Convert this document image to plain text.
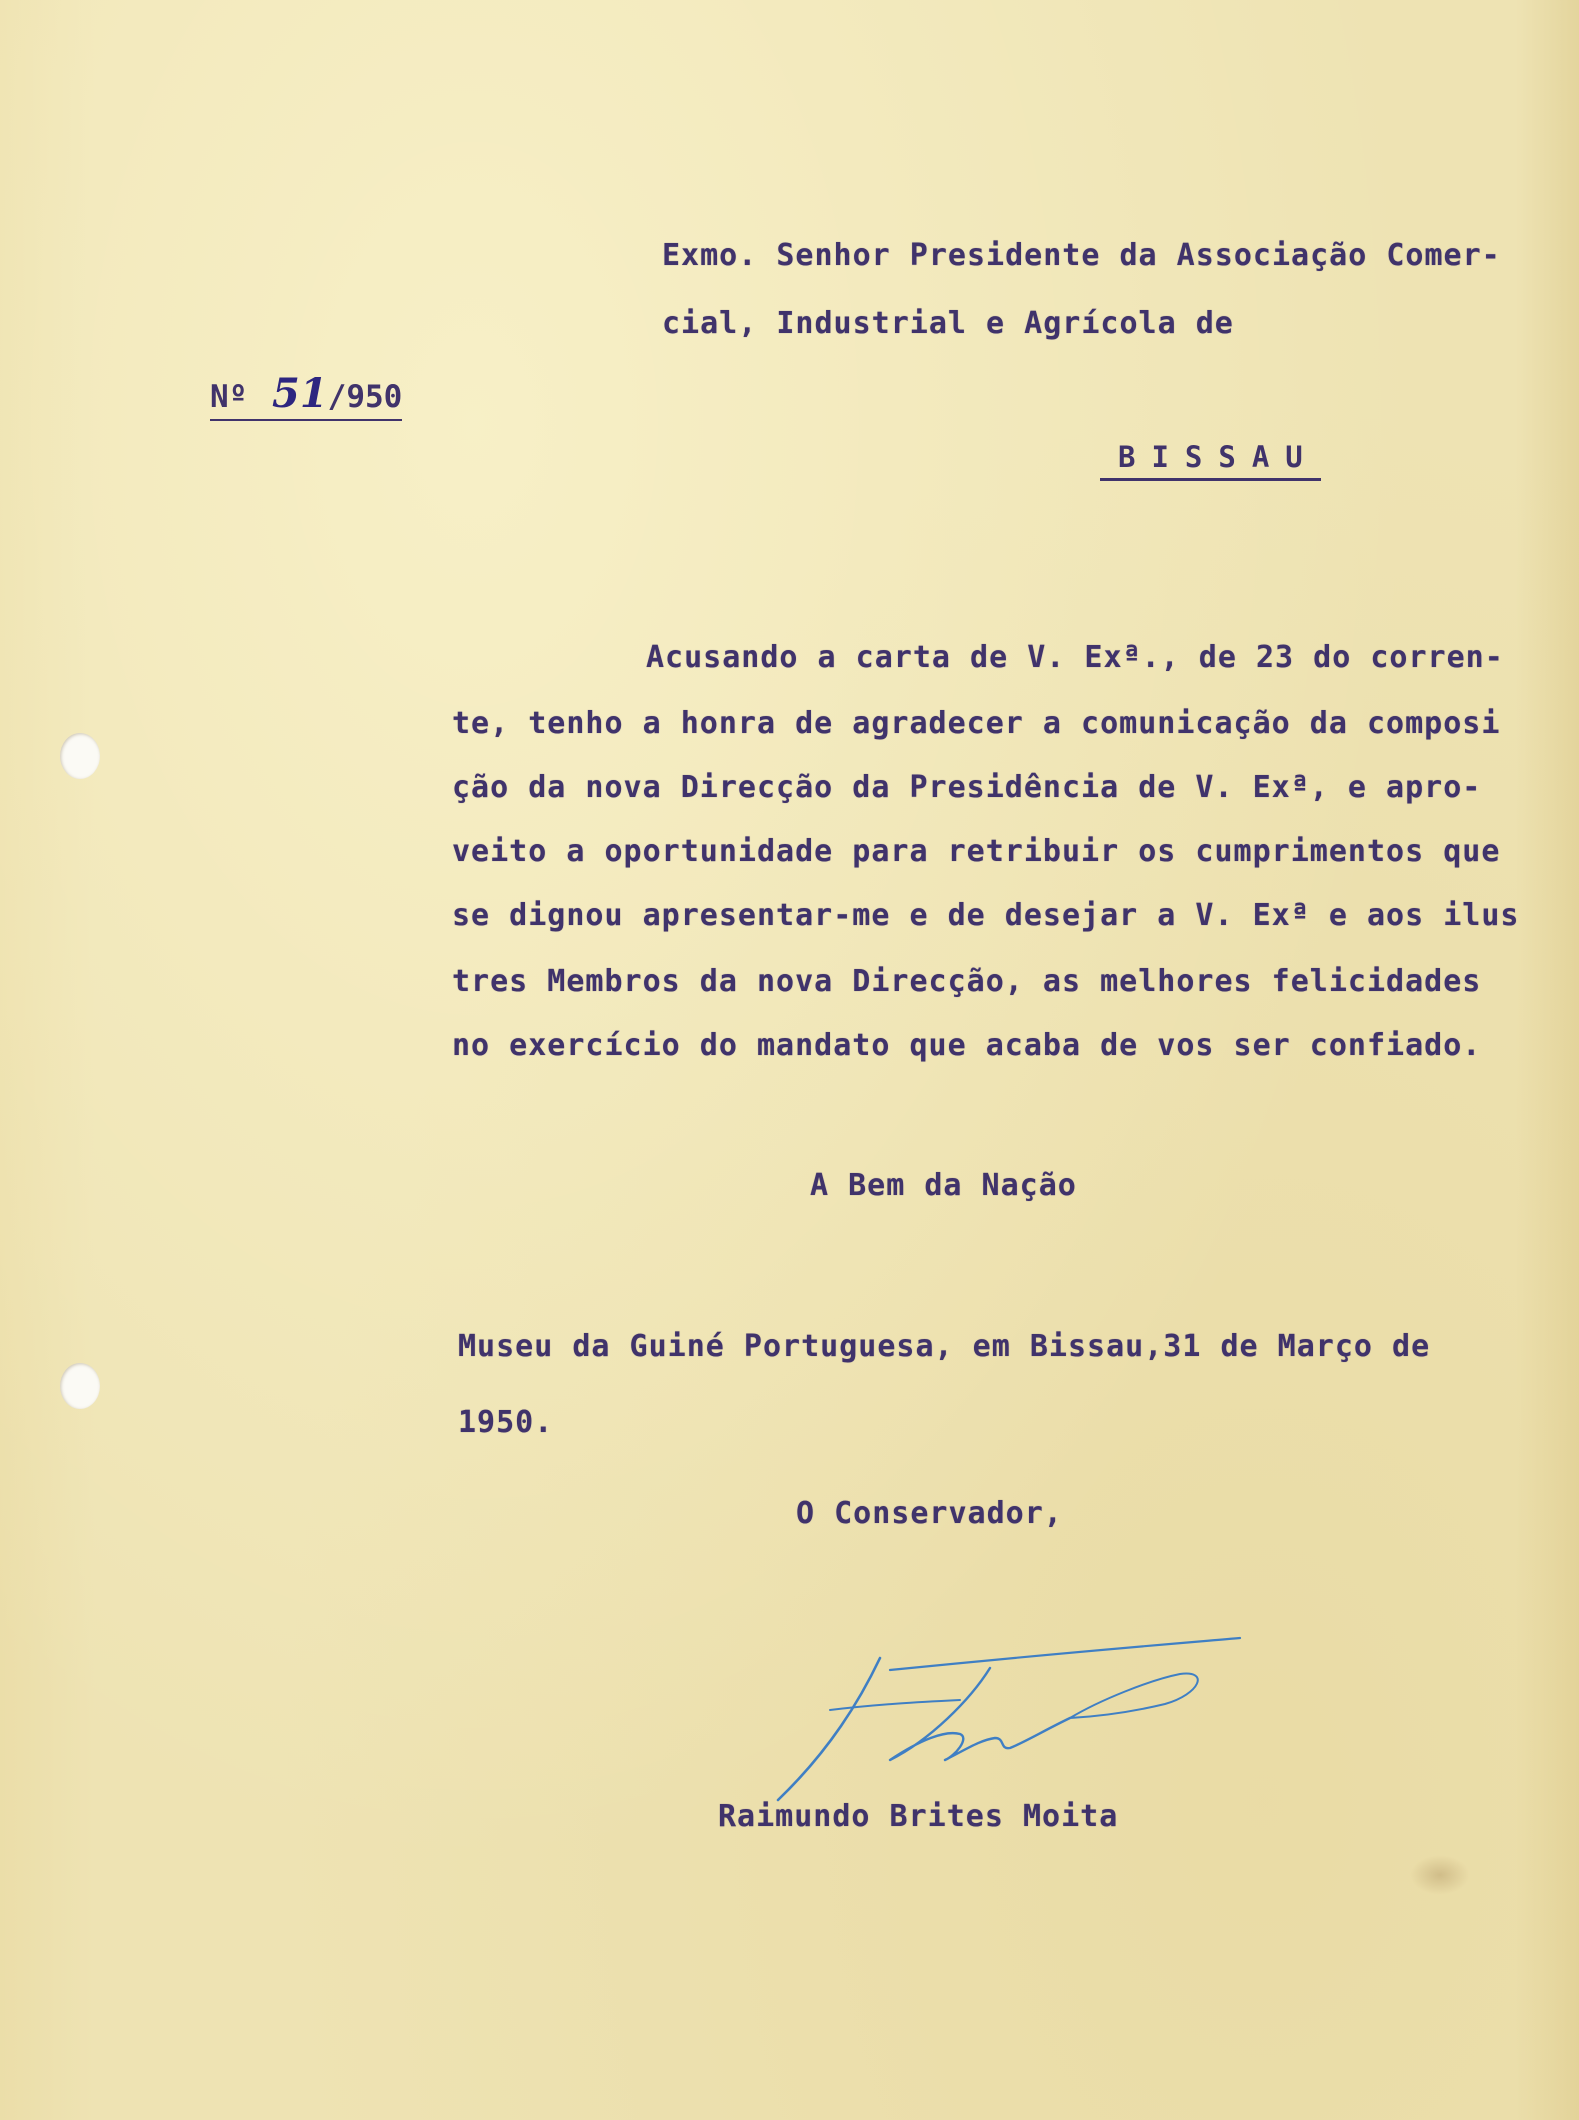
Exmo. Senhor Presidente da Associação Comer-
cial, Industrial e Agrícola de
Nº 51/950
BISSAU
Acusando a carta de V. Exª., de 23 do corren-
te, tenho a honra de agradecer a comunicação da composi
ção da nova Direcção da Presidência de V. Exª, e apro-
veito a oportunidade para retribuir os cumprimentos que
se dignou apresentar-me e de desejar a V. Exª e aos ilus
tres Membros da nova Direcção, as melhores felicidades
no exercício do mandato que acaba de vos ser confiado.
A Bem da Nação
Museu da Guiné Portuguesa, em Bissau,31 de Março de
1950.
O Conservador,
Raimundo Brites Moita
